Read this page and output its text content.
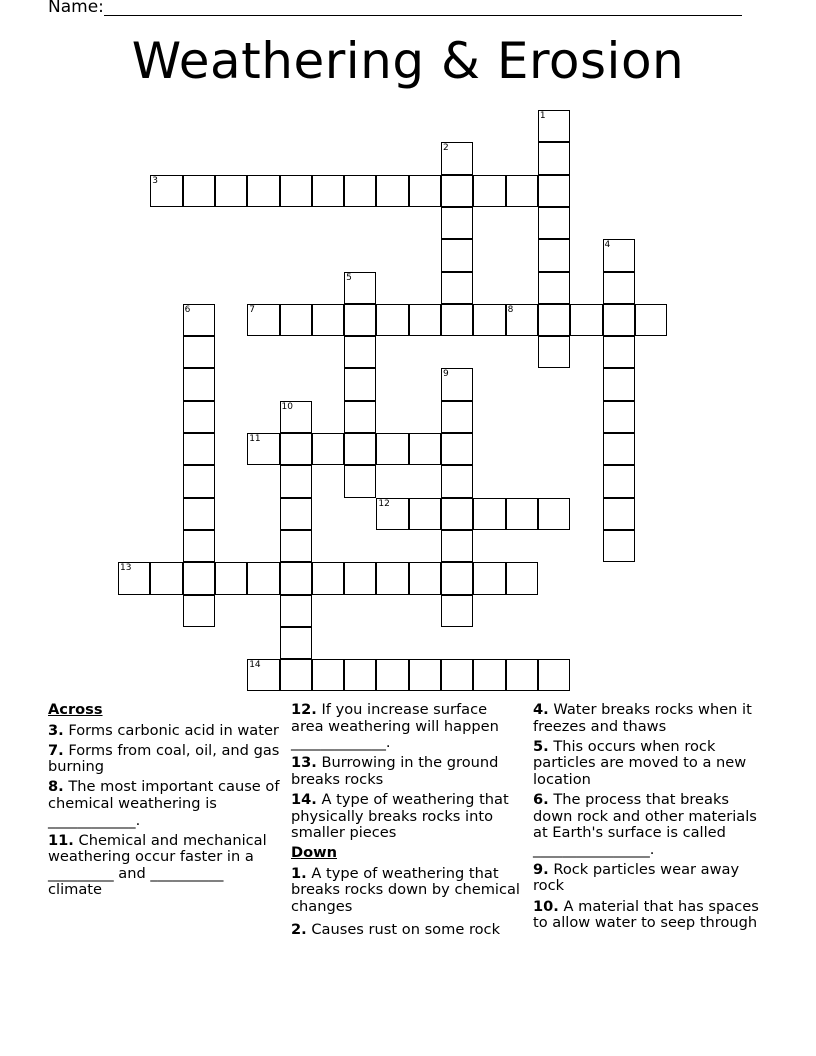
Name:
Weathering & Erosion
1
2
3
4
5
6	7	8
9
10
11
12
13
14
Across
3. Forms carbonic acid in water
7. Forms from coal, oil, and gas burning
8. The most important cause of chemical weathering is ____________.
11. Chemical and mechanical weathering occur faster in a _________ and __________ climate
12. If you increase surface area weathering will happen _____________.
13. Burrowing in the ground breaks rocks
14. A type of weathering that physically breaks rocks into smaller pieces
Down
1. A type of weathering that breaks rocks down by chemical changes
2. Causes rust on some rock
4. Water breaks rocks when it freezes and thaws
5. This occurs when rock particles are moved to a new location
6. The process that breaks down rock and other materials at Earth's surface is called ________________.
9. Rock particles wear away rock
10. A material that has spaces to allow water to seep through
